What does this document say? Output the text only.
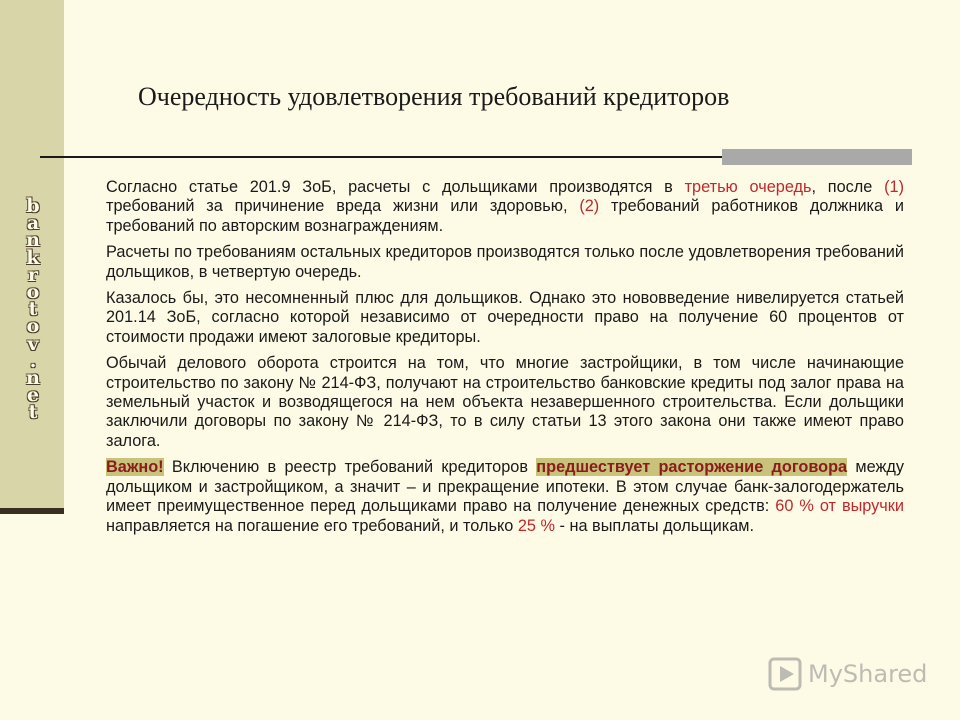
b
a
n
k
r
o
t
o
v
.
n
e
t
Очередность удовлетворения требований кредиторов

Согласно статье 201.9 ЗоБ, расчеты с дольщиками производятся в третью очередь, после (1) требований за причинение вреда жизни или здоровью, (2) требований работников должника и требований по авторским вознаграждениям.

Расчеты по требованиям остальных кредиторов производятся только после удовлетворения требований дольщиков, в четвертую очередь.

Казалось бы, это несомненный плюс для дольщиков. Однако это нововведение нивелируется статьей 201.14 ЗоБ, согласно которой независимо от очередности право на получение 60 процентов от стоимости продажи имеют залоговые кредиторы.

Обычай делового оборота строится на том, что многие застройщики, в том числе начинающие строительство по закону № 214-ФЗ, получают на строительство банковские кредиты под залог права на земельный участок и возводящегося на нем объекта незавершенного строительства. Если дольщики заключили договоры по закону № 214-ФЗ, то в силу статьи 13 этого закона они также имеют право залога.

Важно! Включению в реестр требований кредиторов предшествует расторжение договора между дольщиком и застройщиком, а значит – и прекращение ипотеки. В этом случае банк-залогодержатель имеет преимущественное перед дольщиками право на получение денежных средств: 60 % от выручки направляется на погашение его требований, и только 25 % - на выплаты дольщикам.

MyShared
